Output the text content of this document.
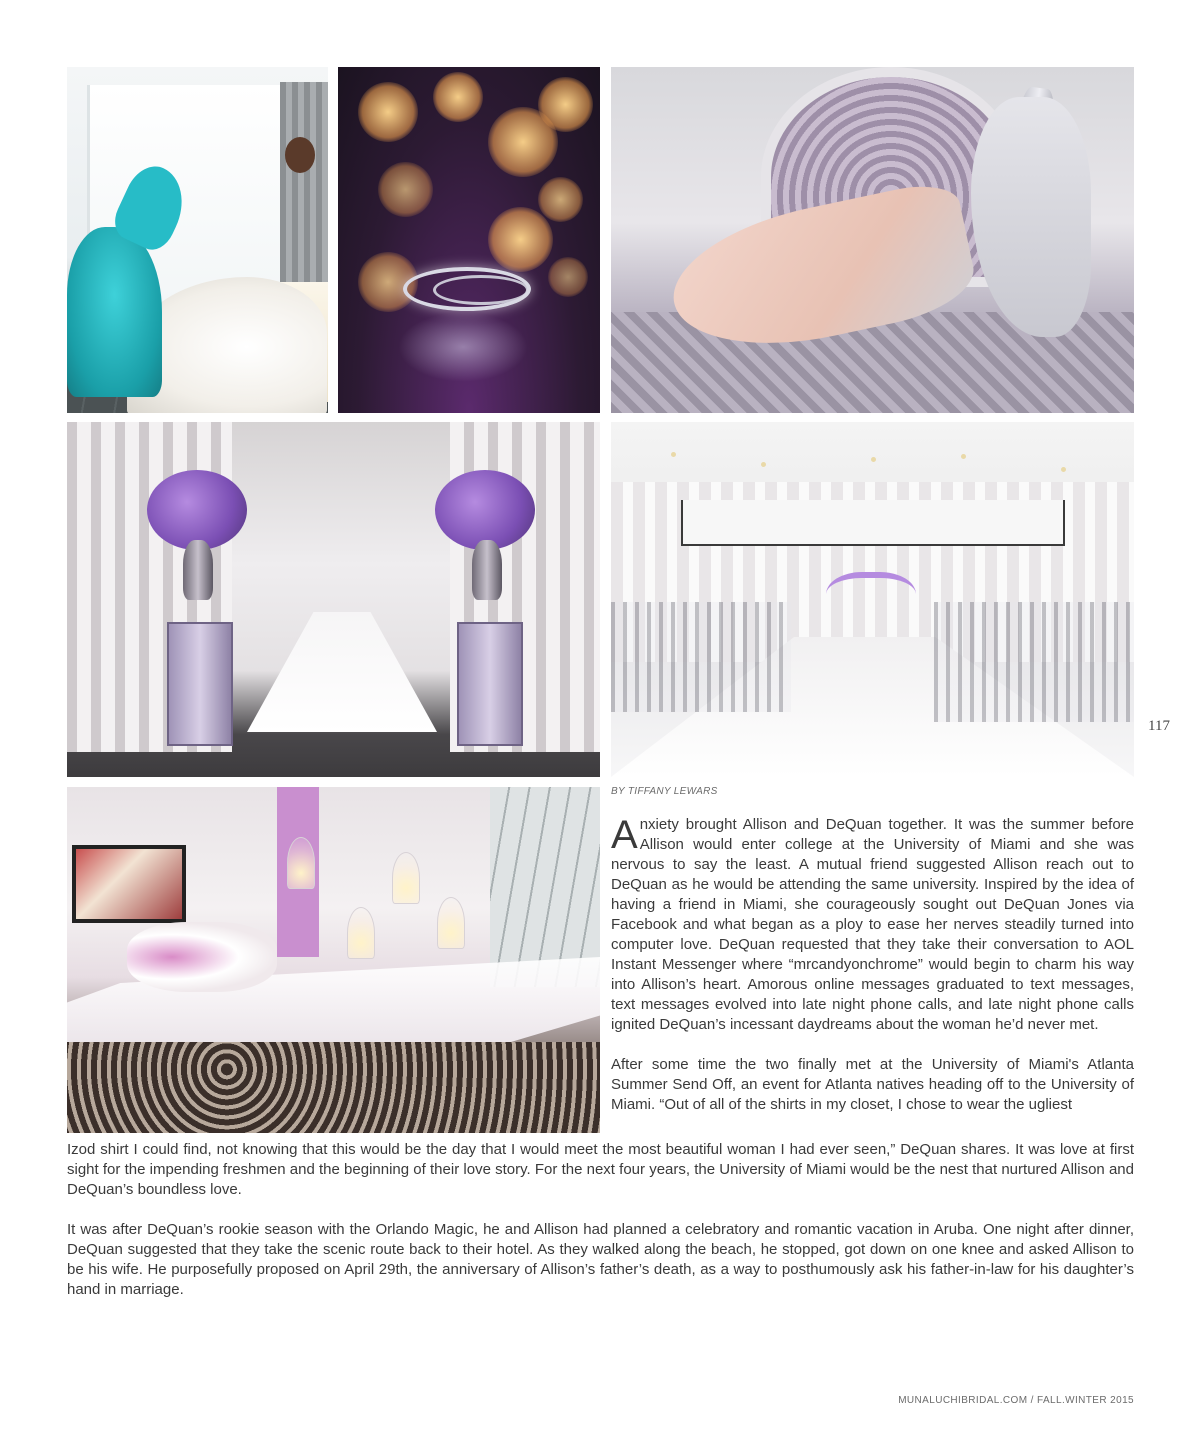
117
BY TIFFANY LEWARS

Anxiety brought Allison and DeQuan together. It was the summer before Allison would enter college at the University of Miami and she was nervous to say the least. A mutual friend suggested Allison reach out to DeQuan as he would be attending the same university. Inspired by the idea of having a friend in Miami, she courageously sought out DeQuan Jones via Facebook and what began as a ploy to ease her nerves steadily turned into computer love. DeQuan requested that they take their conversation to AOL Instant Messenger where “mrcandyonchrome” would begin to charm his way into Allison’s heart. Amorous online messages graduated to text messages, text messages evolved into late night phone calls, and late night phone calls ignited DeQuan’s incessant daydreams about the woman he’d never met.

After some time the two finally met at the University of Miami's Atlanta Summer Send Off, an event for Atlanta natives heading off to the University of Miami. “Out of all of the shirts in my closet, I chose to wear the ugliest

Izod shirt I could find, not knowing that this would be the day that I would meet the most beautiful woman I had ever seen,” DeQuan shares. It was love at first sight for the impending freshmen and the beginning of their love story. For the next four years, the University of Miami would be the nest that nurtured Allison and DeQuan’s boundless love.

It was after DeQuan’s rookie season with the Orlando Magic, he and Allison had planned a celebratory and romantic vacation in Aruba. One night after dinner, DeQuan suggested that they take the scenic route back to their hotel. As they walked along the beach, he stopped, got down on one knee and asked Allison to be his wife. He purposefully proposed on April 29th, the anniversary of Allison’s father’s death, as a way to posthumously ask his father-in-law for his daughter’s hand in marriage.

MUNALUCHIBRIDAL.COM / FALL.WINTER 2015
